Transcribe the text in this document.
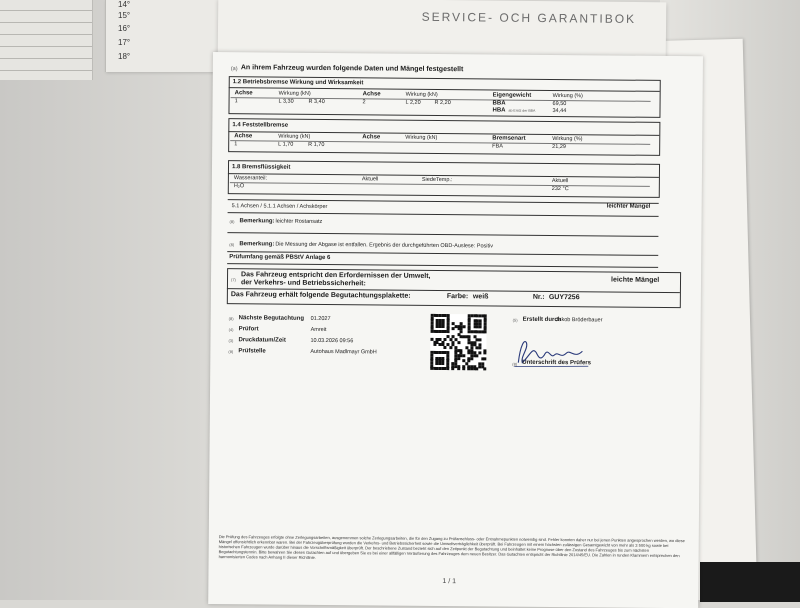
14°
15°
16°
17°
18°
SERVICE- OCH GARANTIBOK
(a) An ihrem Fahrzeug wurden folgende Daten und Mängel festgestellt
1.2 Betriebsbremse Wirkung und Wirksamkeit
Achse	Wirkung (kN)	Achse	Wirkung (kN)	Eigengewicht	Wirkung (%)
1	L 3,30	R 3,40	2	L 2,20	R 2,20	BBA	69,50
HBA ab Erstz der BBA	34,44
1.4 Feststellbremse
Achse	Wirkung (kN)	Achse	Wirkung (kN)	Bremsenart	Wirkung (%)
1	L 1,70	R 1,70	FBA	21,29
1.8 Bremsflüssigkeit
Wasseranteil:	Aktuell	SiedeTemp.:	Aktuell
H₂O	232 °C
5.1 Achsen / 5.1.1 Achsen / Achskörper	leichter Mangel
(8) Bemerkung: leichter Rostansatz
(8) Bemerkung: Die Messung der Abgase ist entfallen. Ergebnis der durchgeführten OBD-Auslese: Positiv
Prüfumfang gemäß PBStV Anlage 6
(7) Das Fahrzeug entspricht den Erfordernissen der Umwelt,
der Verkehrs- und Betriebssicherheit:	leichte Mängel
Das Fahrzeug erhält folgende Begutachtungsplakette:	Farbe: weiß	Nr.: GUY7256
(8) Nächste Begutachtung 01.2027
(4) Prüfort	Amreit
(3) Druckdatum/Zeit	10.03.2026 09:56
(9) Prüfstelle	Autohaus Madlmayr GmbH
(5) Erstellt durch
Jakob Bröderbauer
(8) Unterschrift des Prüfers
Die Prüfung des Fahrzeuges erfolgte ohne Zerlegungsarbeiten, ausgenommen solche Zerlegungsarbeiten, die für den Zugang zu Prüfanschluss- oder Entnahmepunkten notwendig sind. Fehler konnten daher nur bei jenen Punkten angesprochen werden, wo diese Mängel offensichtlich erkennbar waren. Bei der Fahrzeugüberprüfung wurden die Verkehrs- und Betriebssicherheit sowie die Umweltverträglichkeit überprüft. Bei Fahrzeugen mit einem höchsten zulässigen Gesamtgewicht von mehr als 3 500 kg sowie bei historischen Fahrzeugen wurde darüber hinaus die Vorschriftsmäßigkeit überprüft. Der beschriebene Zustand bezieht sich auf den Zeitpunkt der Begutachtung und beinhaltet keine Prognose über den Zustand des Fahrzeuges bis zum nächsten Begutachtungstermin. Bitte bewahren Sie dieses Gutachten auf und übergeben Sie es bei einer allfälligen Veräußerung des Fahrzeuges dem neuen Besitzer. Das Gutachten entspricht der Richtlinie 2014/45/EU. Die Zahlen in runden Klammern entsprechen den harmonisierten Codes nach Anhang II dieser Richtlinie.
1 / 1
